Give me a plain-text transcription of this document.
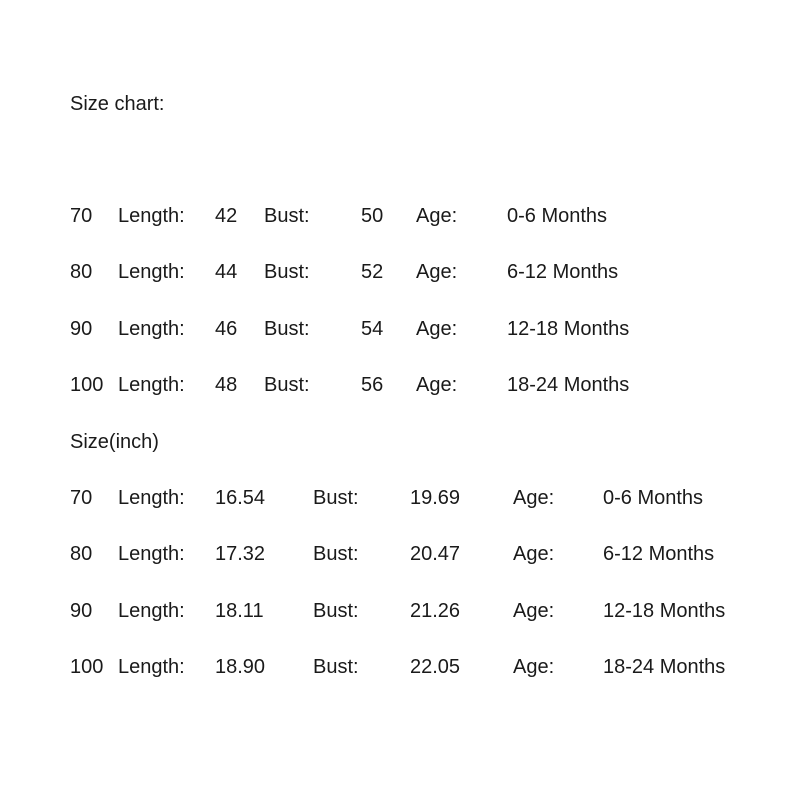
Size chart:
70 Length: 42 Bust:	50 Age: 0-6 Months
80 Length: 44 Bust:	52 Age: 6-12 Months
90 Length: 46 Bust:	54 Age: 12-18 Months
100 Length: 48 Bust:	56 Age: 18-24 Months
Size(inch)
70 Length: 16.54 Bust:	19.69	Age: 0-6 Months
80 Length: 17.32 Bust:	20.47	Age: 6-12 Months
90 Length: 18.11 Bust:	21.26	Age: 12-18 Months
100 Length: 18.90 Bust:	22.05	Age: 18-24 Months
